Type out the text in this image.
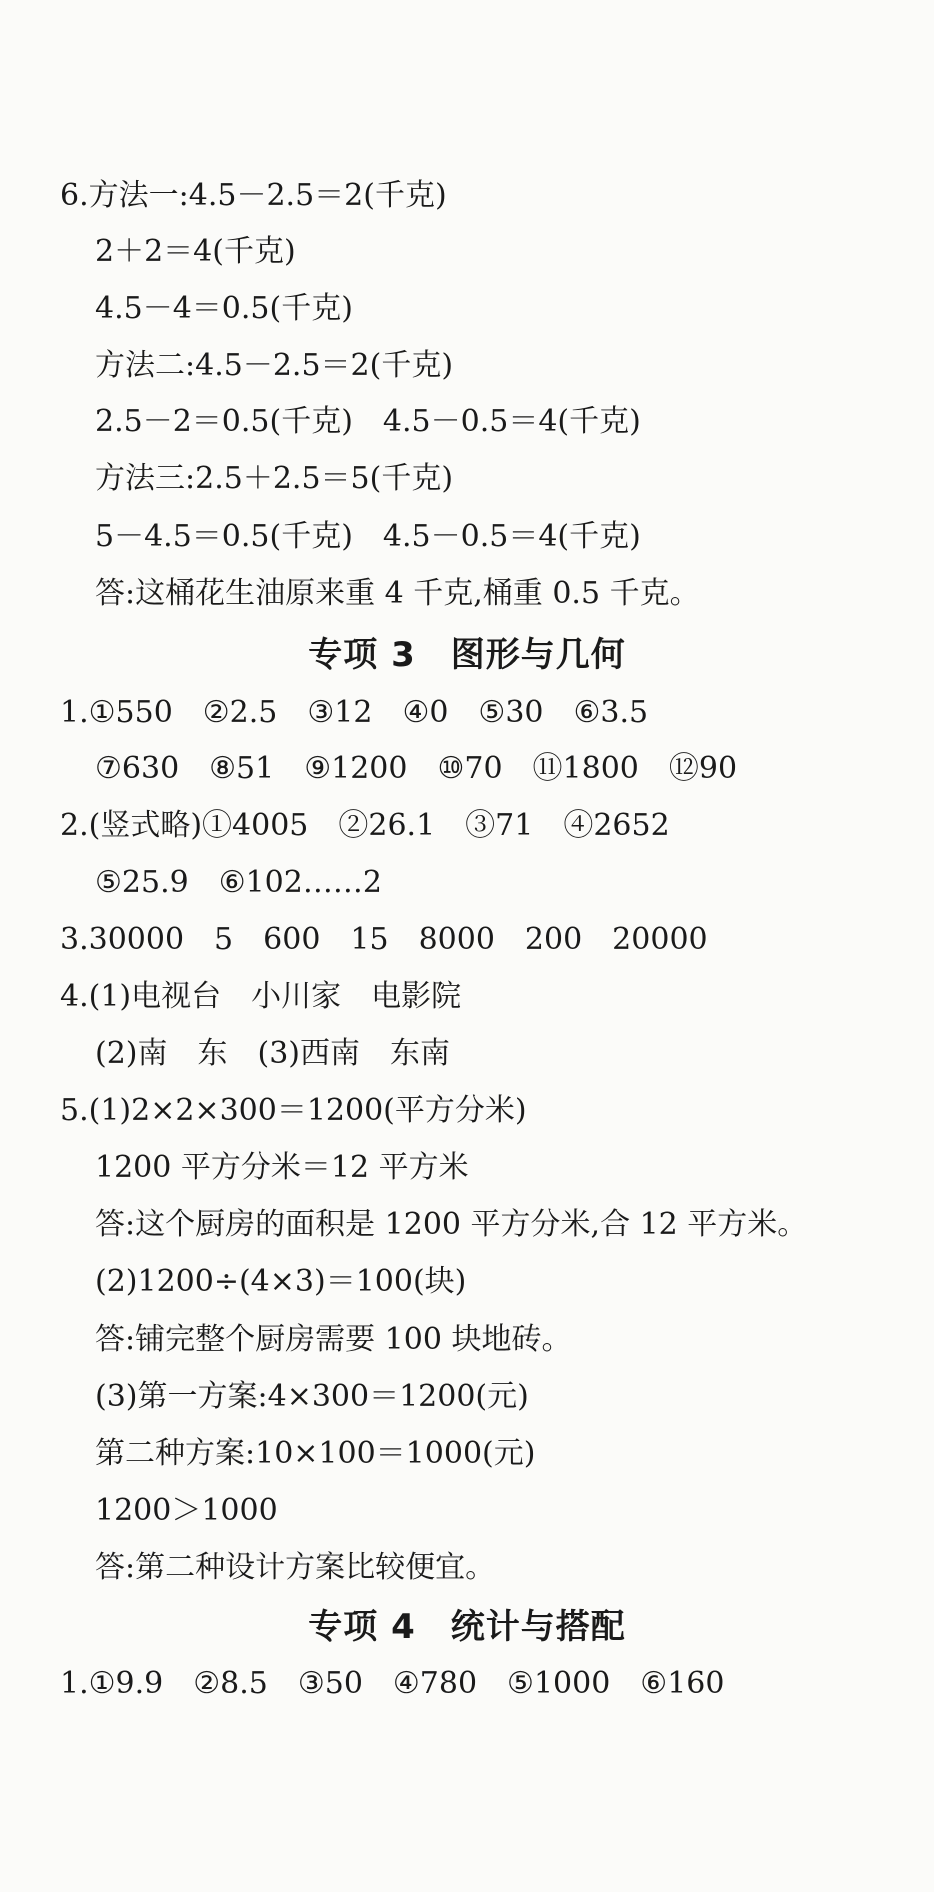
6.方法一:4.5－2.5＝2(千克)
2＋2＝4(千克)
4.5－4＝0.5(千克)
方法二:4.5－2.5＝2(千克)
2.5－2＝0.5(千克)　4.5－0.5＝4(千克)
方法三:2.5＋2.5＝5(千克)
5－4.5＝0.5(千克)　4.5－0.5＝4(千克)
答:这桶花生油原来重 4 千克,桶重 0.5 千克。
专项 3　图形与几何
1.①550　②2.5　③12　④0　⑤30　⑥3.5
⑦630　⑧51　⑨1200　⑩70　⑪1800　⑫90
2.(竖式略)①4005　②26.1　③71　④2652
⑤25.9　⑥102……2
3.30000　5　600　15　8000　200　20000
4.(1)电视台　小川家　电影院
(2)南　东　(3)西南　东南
5.(1)2×2×300＝1200(平方分米)
1200 平方分米＝12 平方米
答:这个厨房的面积是 1200 平方分米,合 12 平方米。
(2)1200÷(4×3)＝100(块)
答:铺完整个厨房需要 100 块地砖。
(3)第一方案:4×300＝1200(元)
第二种方案:10×100＝1000(元)
1200＞1000
答:第二种设计方案比较便宜。
专项 4　统计与搭配
1.①9.9　②8.5　③50　④780　⑤1000　⑥160
